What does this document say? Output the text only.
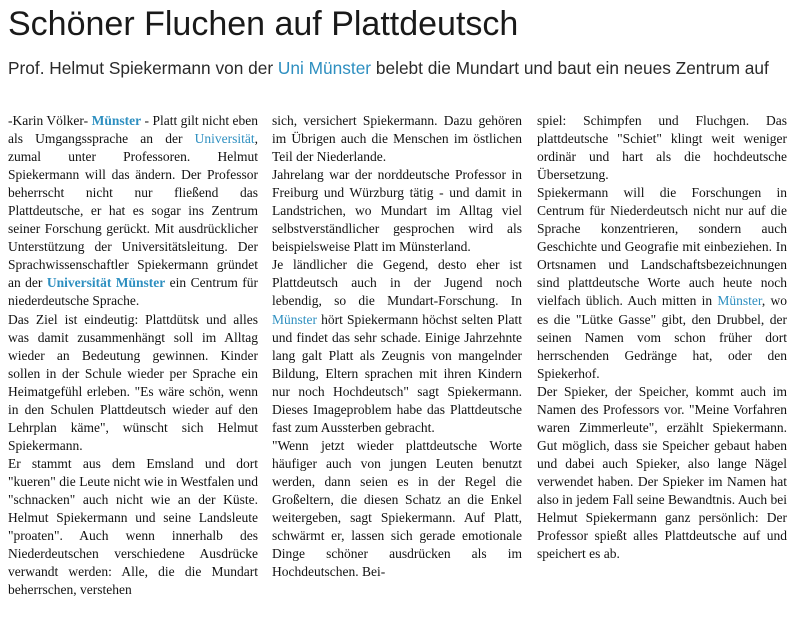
Schöner Fluchen auf Plattdeutsch

Prof. Helmut Spiekermann von der Uni Münster belebt die Mundart und baut ein neues Zentrum auf

-Karin Völker- Münster - Platt gilt nicht eben als Umgangssprache an der Universität, zumal unter Professoren. Helmut Spiekermann will das ändern. Der Professor beherrscht nicht nur fließend das Plattdeutsche, er hat es sogar ins Zentrum seiner Forschung gerückt. Mit ausdrücklicher Unterstützung der Universitätsleitung. Der Sprachwissenschaftler Spiekermann gründet an der Universität Münster ein Centrum für niederdeutsche Sprache.

Das Ziel ist eindeutig: Plattdütsk und alles was damit zusammenhängt soll im Alltag wieder an Bedeutung gewinnen. Kinder sollen in der Schule wieder per Sprache ein Heimatgefühl erleben. "Es wäre schön, wenn in den Schulen Plattdeutsch wieder auf den Lehrplan käme", wünscht sich Helmut Spiekermann.

Er stammt aus dem Emsland und dort "kueren" die Leute nicht wie in Westfalen und "schnacken" auch nicht wie an der Küste. Helmut Spiekermann und seine Landsleute "proaten". Auch wenn innerhalb des Niederdeutschen verschiedene Ausdrücke verwandt werden: Alle, die die Mundart beherrschen, verstehen

sich, versichert Spiekermann. Dazu gehören im Übrigen auch die Menschen im östlichen Teil der Niederlande.

Jahrelang war der norddeutsche Professor in Freiburg und Würzburg tätig - und damit in Landstrichen, wo Mundart im Alltag viel selbstverständlicher gesprochen wird als beispielsweise Platt im Münsterland.

Je ländlicher die Gegend, desto eher ist Plattdeutsch auch in der Jugend noch lebendig, so die Mundart-Forschung. In Münster hört Spiekermann höchst selten Platt und findet das sehr schade. Einige Jahrzehnte lang galt Platt als Zeugnis von mangelnder Bildung, Eltern sprachen mit ihren Kindern nur noch Hochdeutsch" sagt Spiekermann. Dieses Imageproblem habe das Plattdeutsche fast zum Aussterben gebracht.

"Wenn jetzt wieder plattdeutsche Worte häufiger auch von jungen Leuten benutzt werden, dann seien es in der Regel die Großeltern, die diesen Schatz an die Enkel weitergeben, sagt Spiekermann. Auf Platt, schwärmt er, lassen sich gerade emotionale Dinge schöner ausdrücken als im Hochdeutschen. Bei-

spiel: Schimpfen und Fluchgen. Das plattdeutsche "Schiet" klingt weit weniger ordinär und hart als die hochdeutsche Übersetzung.

Spiekermann will die Forschungen in Centrum für Niederdeutsch nicht nur auf die Sprache konzentrieren, sondern auch Geschichte und Geografie mit einbeziehen. In Ortsnamen und Landschaftsbezeichnungen sind plattdeutsche Worte auch heute noch vielfach üblich. Auch mitten in Münster, wo es die "Lütke Gasse" gibt, den Drubbel, der seinen Namen vom schon früher dort herrschenden Gedränge hat, oder den Spiekerhof.

Der Spieker, der Speicher, kommt auch im Namen des Professors vor. "Meine Vorfahren waren Zimmerleute", erzählt Spiekermann. Gut möglich, dass sie Speicher gebaut haben und dabei auch Spieker, also lange Nägel verwendet haben. Der Spieker im Namen hat also in jedem Fall seine Bewandtnis. Auch bei Helmut Spiekermann ganz persönlich: Der Professor spießt alles Plattdeutsche auf und speichert es ab.
